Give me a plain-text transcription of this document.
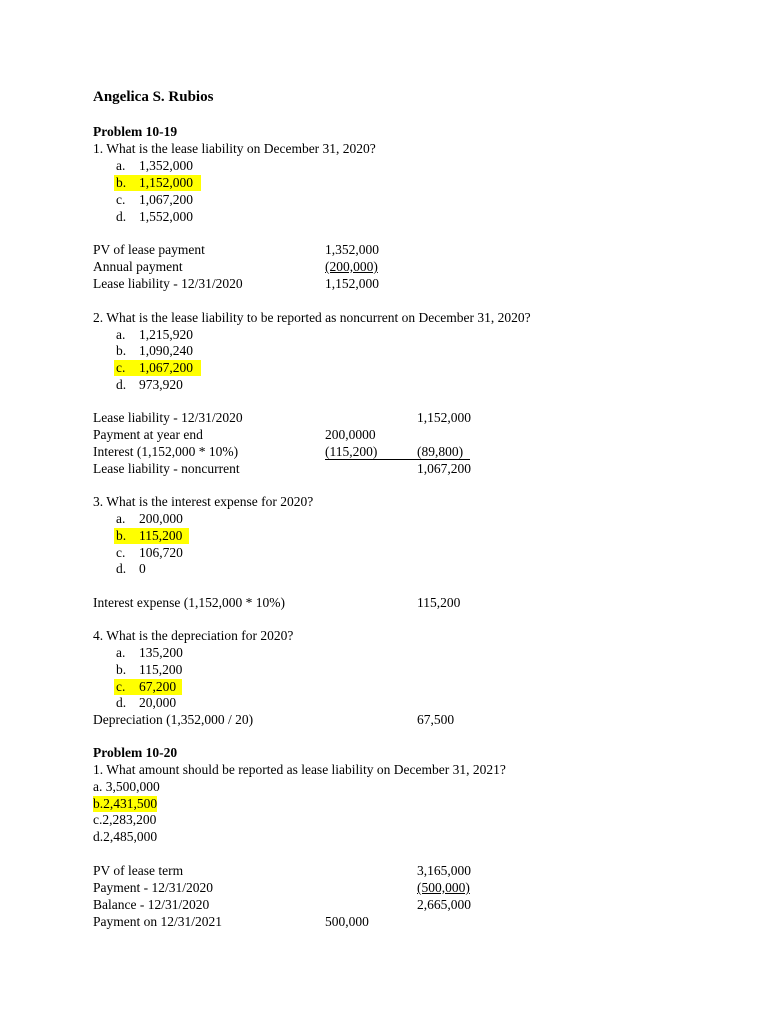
Angelica S. Rubios
Problem 10-19
1. What is the lease liability on December 31, 2020?
a. 1,352,000
b. 1,152,000
c. 1,067,200
d. 1,552,000
PV of lease payment	1,352,000
Annual payment	(200,000)
Lease liability - 12/31/2020	1,152,000
2. What is the lease liability to be reported as noncurrent on December 31, 2020?
a. 1,215,920
b. 1,090,240
c. 1,067,200
d. 973,920
Lease liability - 12/31/2020	1,152,000
Payment at year end	200,0000
Interest (1,152,000 * 10%)	(115,200)	(89,800)
Lease liability - noncurrent	1,067,200
3. What is the interest expense for 2020?
a. 200,000
b. 115,200
c. 106,720
d. 0
Interest expense (1,152,000 * 10%)	115,200
4. What is the depreciation for 2020?
a. 135,200
b. 115,200
c. 67,200
d. 20,000
Depreciation (1,352,000 / 20)	67,500
Problem 10-20
1. What amount should be reported as lease liability on December 31, 2021?
a. 3,500,000
b.2,431,500
c.2,283,200
d.2,485,000
PV of lease term	3,165,000
Payment - 12/31/2020	(500,000)
Balance - 12/31/2020	2,665,000
Payment on 12/31/2021	500,000
